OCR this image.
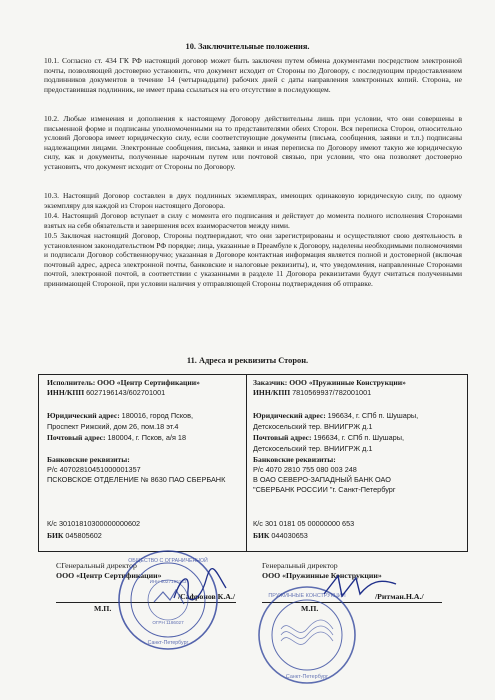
10. Заключительные положения.

10.1. Согласно ст. 434 ГК РФ настоящий договор может быть заключен путем обмена документами посредством электронной почты, позволяющей достоверно установить, что документ исходит от Стороны по Договору, с последующим предоставлением подлинников документов в течение 14 (четырнадцати) рабочих дней с даты направления электронных копий. Сторона, не предоставившая подлинник, не имеет права ссылаться на его отсутствие в последующем.

10.2. Любые изменения и дополнения к настоящему Договору действительны лишь при условии, что они совершены в письменной форме и подписаны уполномоченными на то представителями обеих Сторон. Вся переписка Сторон, относительно условий Договора имеет юридическую силу, если соответствующие документы (письма, сообщения, заявки и т.п.) подписаны надлежащими лицами. Электронные сообщения, письма, заявки и иная переписка по Договору имеют такую же юридическую силу, как и документы, полученные нарочным путем или почтовой связью, при условии, что она позволяет достоверно установить, что документ исходит от Стороны по Договору.

10.3. Настоящий Договор составлен в двух подлинных экземплярах, имеющих одинаковую юридическую силу, по одному экземпляру для каждой из Сторон настоящего Договора.

10.4. Настоящий Договор вступает в силу с момента его подписания и действует до момента полного исполнения Сторонами взятых на себя обязательств и завершения всех взаиморасчетов между ними.

10.5 Заключая настоящий Договор, Стороны подтверждают, что они зарегистрированы и осуществляют свою деятельность в установленном законодательством РФ порядке; лица, указанные в Преамбуле к Договору, наделены необходимыми полномочиями и подписали Договор собственноручно; указанная в Договоре контактная информация является полной и достоверной (включая почтовый адрес, адреса электронной почты, банковские и налоговые реквизиты), и, что уведомления, направленные Сторонами почтой, электронной почтой, в соответствии с указанными в разделе 11 Договора реквизитами будут считаться полученными принимающей Стороной, при условии наличия у отправляющей Стороны подтверждения об отправке.

11. Адреса и реквизиты Сторон.
Исполнитель: ООО «Центр Сертификации»
ИНН/КПП 6027196143/602701001
Юридический адрес: 180016, город Псков,
Проспект Рижский, дом 26, пом.18 эт.4
Почтовый адрес: 180004, г. Псков, а/я 18
Банковские реквизиты:
Р/с 40702810451000001357
ПСКОВСКОЕ ОТДЕЛЕНИЕ № 8630 ПАО СБЕРБАНК
К/с 30101810300000000602
БИК 045805602
Заказчик: ООО «Пружинные Конструкции»
ИНН/КПП 7810569937/782001001
Юридический адрес: 196634, г. СПб п. Шушары,
Детскосельский тер. ВНИИГРЖ д.1
Почтовый адрес: 196634, г. СПб п. Шушары,
Детскосельский тер. ВНИИГРЖ д.1
Банковские реквизиты:
Р/с 4070 2810 755 080 003 248
В ОАО СЕВЕРО-ЗАПАДНЫЙ БАНК ОАО
"СБЕРБАНК РОССИИ "г. Санкт-Петербург
К/с 301 0181 05 00000000 653
БИК 044030653
СГенеральный директор
ООО «Центр Сертификации»
/Сафронов К.А./
М.П.
Генеральный директор
ООО «Пружинные Конструкции»
/Ритман.Н.А./
М.П.
ОБЩЕСТВО С ОГРАНИЧЕННОЙ
Санкт-Петербург
ИНН 6027196143
ОГРН 1186027
ПРУЖИННЫЕ КОНСТРУКЦИИ
Санкт-Петербург
